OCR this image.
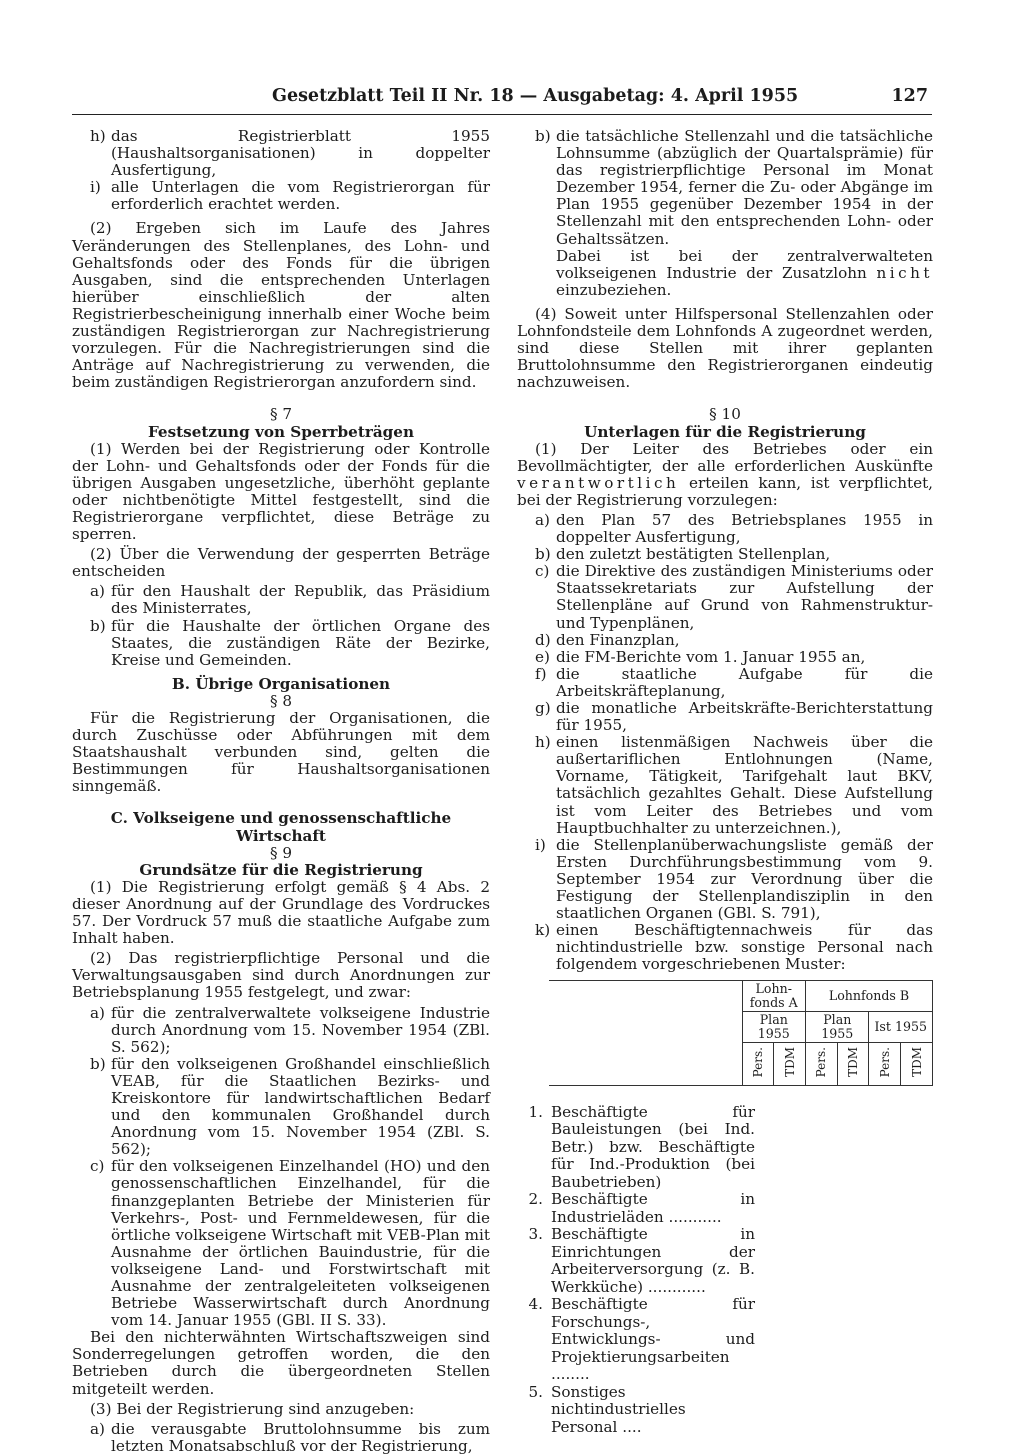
Gesetzblatt Teil II Nr. 18 — Ausgabetag: 4. April 1955	127

h) das Registrierblatt 1955 (Haushaltsorganisationen) in doppelter Ausfertigung,

i) alle Unterlagen die vom Registrierorgan für erforderlich erachtet werden.

(2) Ergeben sich im Laufe des Jahres Veränderungen des Stellenplanes, des Lohn- und Gehaltsfonds oder des Fonds für die übrigen Ausgaben, sind die entsprechenden Unterlagen hierüber einschließlich der alten Registrierbescheinigung innerhalb einer Woche beim zuständigen Registrierorgan zur Nachregistrierung vorzulegen. Für die Nachregistrierungen sind die Anträge auf Nachregistrierung zu verwenden, die beim zuständigen Registrierorgan anzufordern sind.

§ 7

Festsetzung von Sperrbeträgen

(1) Werden bei der Registrierung oder Kontrolle der Lohn- und Gehaltsfonds oder der Fonds für die übrigen Ausgaben ungesetzliche, überhöht geplante oder nichtbenötigte Mittel festgestellt, sind die Registrierorgane verpflichtet, diese Beträge zu sperren.

(2) Über die Verwendung der gesperrten Beträge entscheiden

a) für den Haushalt der Republik, das Präsidium des Ministerrates,

b) für die Haushalte der örtlichen Organe des Staates, die zuständigen Räte der Bezirke, Kreise und Gemeinden.

B. Übrige Organisationen

§ 8

Für die Registrierung der Organisationen, die durch Zuschüsse oder Abführungen mit dem Staatshaushalt verbunden sind, gelten die Bestimmungen für Haushaltsorganisationen sinngemäß.

C. Volkseigene und genossenschaftliche Wirtschaft

§ 9

Grundsätze für die Registrierung

(1) Die Registrierung erfolgt gemäß § 4 Abs. 2 dieser Anordnung auf der Grundlage des Vordruckes 57. Der Vordruck 57 muß die staatliche Aufgabe zum Inhalt haben.

(2) Das registrierpflichtige Personal und die Verwaltungsausgaben sind durch Anordnungen zur Betriebsplanung 1955 festgelegt, und zwar:

a) für die zentralverwaltete volkseigene Industrie durch Anordnung vom 15. November 1954 (ZBl. S. 562);

b) für den volkseigenen Großhandel einschließlich VEAB, für die Staatlichen Bezirks- und Kreiskontore für landwirtschaftlichen Bedarf und den kommunalen Großhandel durch Anordnung vom 15. November 1954 (ZBl. S. 562);

c) für den volkseigenen Einzelhandel (HO) und den genossenschaftlichen Einzelhandel, für die finanzgeplanten Betriebe der Ministerien für Verkehrs-, Post- und Fernmeldewesen, für die örtliche volkseigene Wirtschaft mit VEB-Plan mit Ausnahme der örtlichen Bauindustrie, für die volkseigene Land- und Forstwirtschaft mit Ausnahme der zentralgeleiteten volkseigenen Betriebe Wasserwirtschaft durch Anordnung vom 14. Januar 1955 (GBl. II S. 33).

Bei den nichterwähnten Wirtschaftszweigen sind Sonderregelungen getroffen worden, die den Betrieben durch die übergeordneten Stellen mitgeteilt werden.

(3) Bei der Registrierung sind anzugeben:

a) die verausgabte Bruttolohnsumme bis zum letzten Monatsabschluß vor der Registrierung,

b) die tatsächliche Stellenzahl und die tatsächliche Lohnsumme (abzüglich der Quartalsprämie) für das registrierpflichtige Personal im Monat Dezember 1954, ferner die Zu- oder Abgänge im Plan 1955 gegenüber Dezember 1954 in der Stellenzahl mit den entsprechenden Lohn- oder Gehaltssätzen.

Dabei ist bei der zentralverwalteten volkseigenen Industrie der Zusatzlohn nicht einzubeziehen.

(4) Soweit unter Hilfspersonal Stellenzahlen oder Lohnfondsteile dem Lohnfonds A zugeordnet werden, sind diese Stellen mit ihrer geplanten Bruttolohnsumme den Registrierorganen eindeutig nachzuweisen.

§ 10

Unterlagen für die Registrierung

(1) Der Leiter des Betriebes oder ein Bevollmächtigter, der alle erforderlichen Auskünfte verantwortlich erteilen kann, ist verpflichtet, bei der Registrierung vorzulegen:

a) den Plan 57 des Betriebsplanes 1955 in doppelter Ausfertigung,

b) den zuletzt bestätigten Stellenplan,

c) die Direktive des zuständigen Ministeriums oder Staatssekretariats zur Aufstellung der Stellenpläne auf Grund von Rahmenstruktur- und Typenplänen,

d) den Finanzplan,

e) die FM-Berichte vom 1. Januar 1955 an,

f) die staatliche Aufgabe für die Arbeitskräfteplanung,

g) die monatliche Arbeitskräfte-Berichterstattung für 1955,

h) einen listenmäßigen Nachweis über die außertariflichen Entlohnungen (Name, Vorname, Tätigkeit, Tarifgehalt laut BKV, tatsächlich gezahltes Gehalt. Diese Aufstellung ist vom Leiter des Betriebes und vom Hauptbuchhalter zu unterzeichnen.),

i) die Stellenplanüberwachungsliste gemäß der Ersten Durchführungsbestimmung vom 9. September 1954 zur Verordnung über die Festigung der Stellenplandisziplin in den staatlichen Organen (GBl. S. 791),

k) einen Beschäftigtennachweis für das nichtindustrielle bzw. sonstige Personal nach folgendem vorgeschriebenen Muster:

	Lohn- fonds A		Lohnfonds B			
	Plan 1955		Plan 1955		Ist 1955	
	Pers.	TDM	Pers.	TDM	Pers.	TDM

1. Beschäftigte für Bauleistungen (bei Ind. Betr.) bzw. Beschäftigte für Ind.-Produktion (bei Baubetrieben)

2. Beschäftigte in Industrieläden ...........

3. Beschäftigte in Einrichtungen der Arbeiterversorgung (z. B. Werkküche) ............

4. Beschäftigte für Forschungs-, Entwicklungs- und Projektierungsarbeiten ........

5. Sonstiges nichtindustrielles Personal ....
